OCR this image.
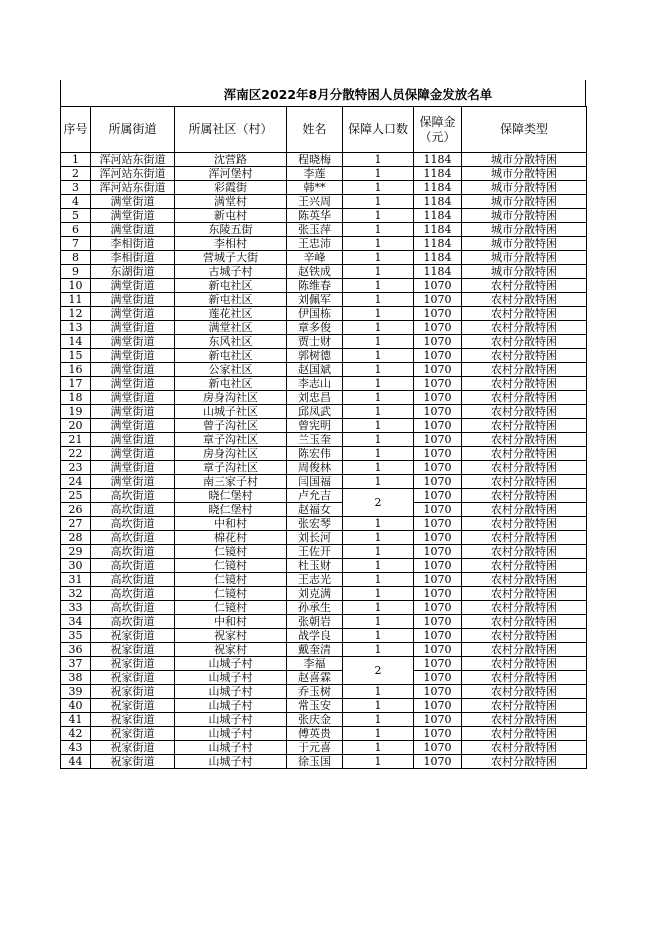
浑南区2022年8月分散特困人员保障金发放名单
序号	所属街道	所属社区（村）	姓名	保障人口数	保障金（元）	保障类型
1	浑河站东街道	沈营路	程晓梅	1	1184	城市分散特困
2	浑河站东街道	浑河堡村	李莲	1	1184	城市分散特困
3	浑河站东街道	彩霞街	韩**	1	1184	城市分散特困
4	满堂街道	满堂村	王兴周	1	1184	城市分散特困
5	满堂街道	新屯村	陈英华	1	1184	城市分散特困
6	满堂街道	东陵五街	张玉萍	1	1184	城市分散特困
7	李相街道	李相村	王忠沛	1	1184	城市分散特困
8	李相街道	营城子大街	辛峰	1	1184	城市分散特困
9	东湖街道	古城子村	赵铁成	1	1184	城市分散特困
10	满堂街道	新屯社区	陈维春	1	1070	农村分散特困
11	满堂街道	新屯社区	刘佩军	1	1070	农村分散特困
12	满堂街道	莲花社区	伊国栋	1	1070	农村分散特困
13	满堂街道	满堂社区	章多俊	1	1070	农村分散特困
14	满堂街道	东风社区	贾士财	1	1070	农村分散特困
15	满堂街道	新屯社区	郭树德	1	1070	农村分散特困
16	满堂街道	公家社区	赵国斌	1	1070	农村分散特困
17	满堂街道	新屯社区	李志山	1	1070	农村分散特困
18	满堂街道	房身沟社区	刘忠昌	1	1070	农村分散特困
19	满堂街道	山城子社区	邱凤武	1	1070	农村分散特困
20	满堂街道	曾子沟社区	曾宪明	1	1070	农村分散特困
21	满堂街道	章子沟社区	兰玉奎	1	1070	农村分散特困
22	满堂街道	房身沟社区	陈宏伟	1	1070	农村分散特困
23	满堂街道	章子沟社区	周俊林	1	1070	农村分散特困
24	满堂街道	南三家子村	闫国福	1	1070	农村分散特困
25	高坎街道	晓仁堡村	卢允吉	2	1070	农村分散特困
26	高坎街道	晓仁堡村	赵福女		1070	农村分散特困
27	高坎街道	中和村	张宏琴	1	1070	农村分散特困
28	高坎街道	棉花村	刘长河	1	1070	农村分散特困
29	高坎街道	仁镜村	王佐开	1	1070	农村分散特困
30	高坎街道	仁镜村	杜玉财	1	1070	农村分散特困
31	高坎街道	仁镜村	王志光	1	1070	农村分散特困
32	高坎街道	仁镜村	刘克满	1	1070	农村分散特困
33	高坎街道	仁镜村	孙承生	1	1070	农村分散特困
34	高坎街道	中和村	张朝岩	1	1070	农村分散特困
35	祝家街道	祝家村	战学良	1	1070	农村分散特困
36	祝家街道	祝家村	戴奎清	1	1070	农村分散特困
37	祝家街道	山城子村	李福	2	1070	农村分散特困
38	祝家街道	山城子村	赵喜霖		1070	农村分散特困
39	祝家街道	山城子村	乔玉树	1	1070	农村分散特困
40	祝家街道	山城子村	常玉安	1	1070	农村分散特困
41	祝家街道	山城子村	张庆金	1	1070	农村分散特困
42	祝家街道	山城子村	傅英贵	1	1070	农村分散特困
43	祝家街道	山城子村	于元喜	1	1070	农村分散特困
44	祝家街道	山城子村	徐玉国	1	1070	农村分散特困
